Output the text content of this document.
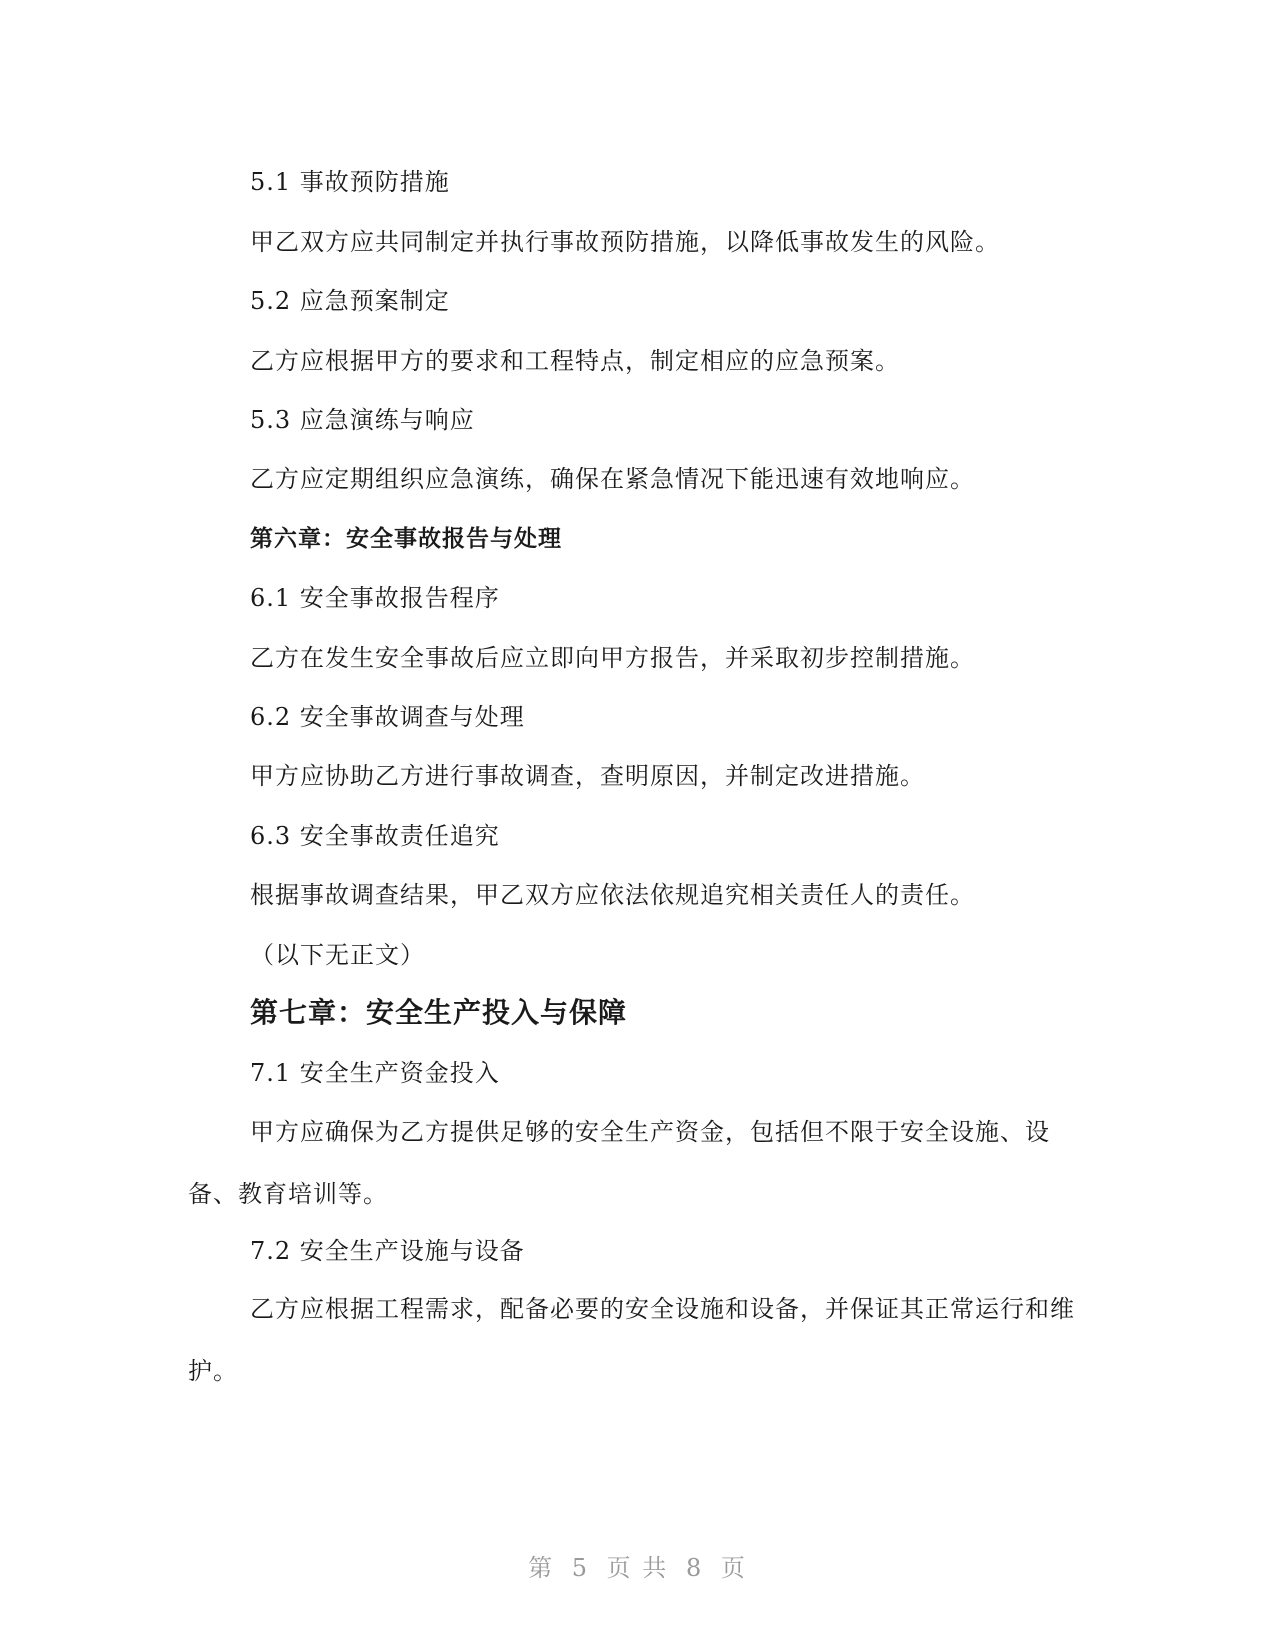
5.1 事故预防措施
甲乙双方应共同制定并执行事故预防措施，以降低事故发生的风险。
5.2 应急预案制定
乙方应根据甲方的要求和工程特点，制定相应的应急预案。
5.3 应急演练与响应
乙方应定期组织应急演练，确保在紧急情况下能迅速有效地响应。
第六章：安全事故报告与处理
6.1 安全事故报告程序
乙方在发生安全事故后应立即向甲方报告，并采取初步控制措施。
6.2 安全事故调查与处理
甲方应协助乙方进行事故调查，查明原因，并制定改进措施。
6.3 安全事故责任追究
根据事故调查结果，甲乙双方应依法依规追究相关责任人的责任。
（以下无正文）
第七章：安全生产投入与保障
7.1 安全生产资金投入
甲方应确保为乙方提供足够的安全生产资金，包括但不限于安全设施、设备、教育培训等。
7.2 安全生产设施与设备
乙方应根据工程需求，配备必要的安全设施和设备，并保证其正常运行和维护。
第 5 页 共 8 页
